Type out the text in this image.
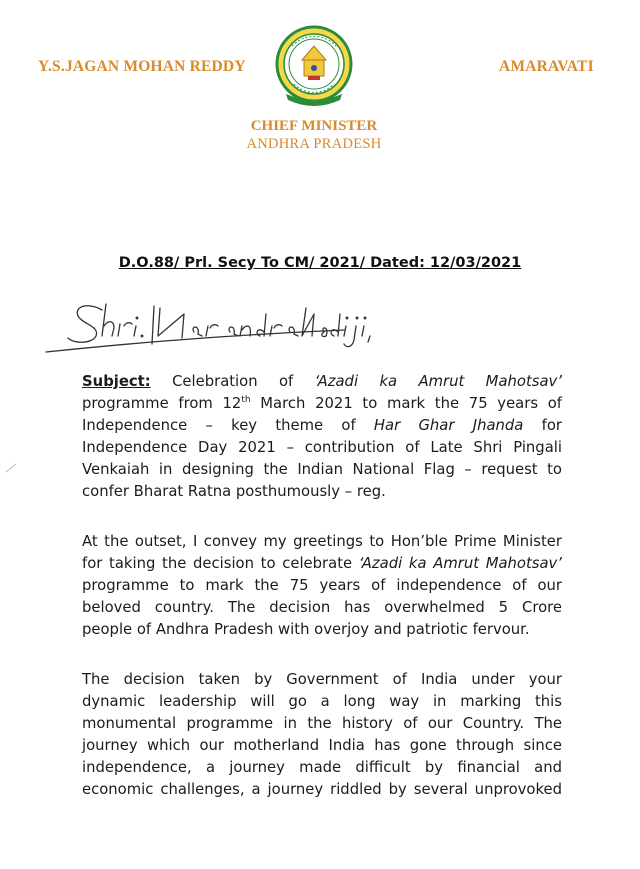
Y.S.JAGAN MOHAN REDDY	AMARAVATI
CHIEF MINISTER
ANDHRA PRADESH
D.O.88/ Prl. Secy To CM/ 2021/ Dated: 12/03/2021
Subject: Celebration of ‘Azadi ka Amrut Mahotsav’
programme from 12th March 2021 to mark the 75 years of
Independence – key theme of Har Ghar Jhanda for
Independence Day 2021 – contribution of Late Shri Pingali
Venkaiah in designing the Indian National Flag – request to
confer Bharat Ratna posthumously – reg.
At the outset, I convey my greetings to Hon’ble Prime Minister
for taking the decision to celebrate ‘Azadi ka Amrut Mahotsav’
programme to mark the 75 years of independence of our
beloved country. The decision has overwhelmed 5 Crore
people of Andhra Pradesh with overjoy and patriotic fervour.
The decision taken by Government of India under your
dynamic leadership will go a long way in marking this
monumental programme in the history of our Country. The
journey which our motherland India has gone through since
independence, a journey made difficult by financial and
economic challenges, a journey riddled by several unprovoked
